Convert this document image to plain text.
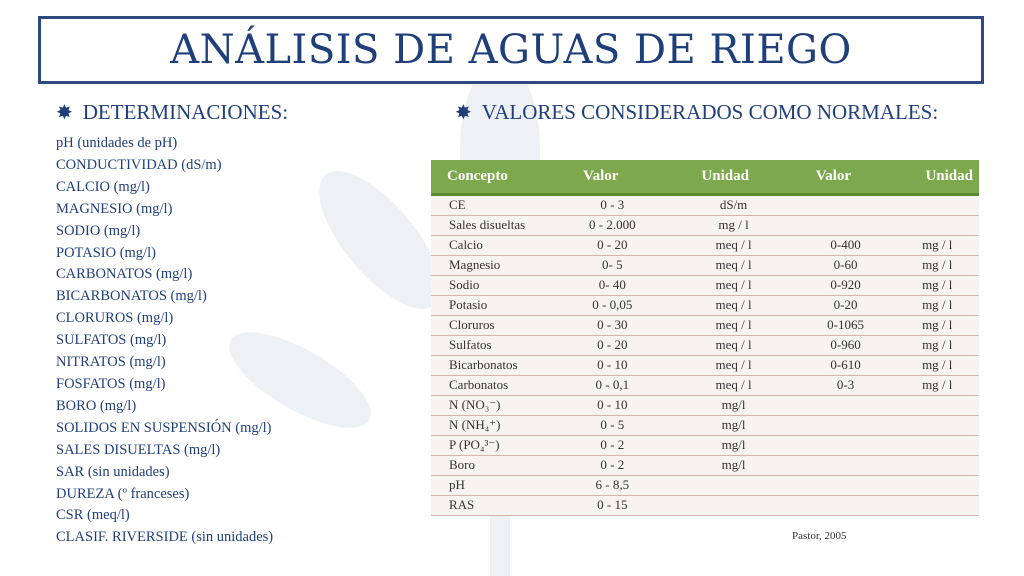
ANÁLISIS DE AGUAS DE RIEGO
✸ DETERMINACIONES:
pH (unidades de pH)
CONDUCTIVIDAD (dS/m)
CALCIO (mg/l)
MAGNESIO (mg/l)
SODIO (mg/l)
POTASIO (mg/l)
CARBONATOS (mg/l)
BICARBONATOS (mg/l)
CLORUROS (mg/l)
SULFATOS (mg/l)
NITRATOS (mg/l)
FOSFATOS (mg/l)
BORO (mg/l)
SOLIDOS EN SUSPENSIÓN (mg/l)
SALES DISUELTAS (mg/l)
SAR (sin unidades)
DUREZA (º franceses)
CSR (meq/l)
CLASIF. RIVERSIDE (sin unidades)
✸ VALORES CONSIDERADOS COMO NORMALES:
Concepto	Valor	Unidad	Valor	Unidad
CE	0 - 3	dS/m		
Sales disueltas	0 - 2.000	mg / l		
Calcio	0 - 20	meq / l	0-400	mg / l
Magnesio	0- 5	meq / l	0-60	mg / l
Sodio	0- 40	meq / l	0-920	mg / l
Potasio	0 - 0,05	meq / l	0-20	mg / l
Cloruros	0 - 30	meq / l	0-1065	mg / l
Sulfatos	0 - 20	meq / l	0-960	mg / l
Bicarbonatos	0 - 10	meq / l	0-610	mg / l
Carbonatos	0 - 0,1	meq / l	0-3	mg / l
N (NO₃⁻)	0 - 10	mg/l		
N (NH₄⁺)	0 - 5	mg/l		
P (PO₄³⁻)	0 - 2	mg/l		
Boro	0 - 2	mg/l		
pH	6 - 8,5			
RAS	0 - 15			
Pastor, 2005
